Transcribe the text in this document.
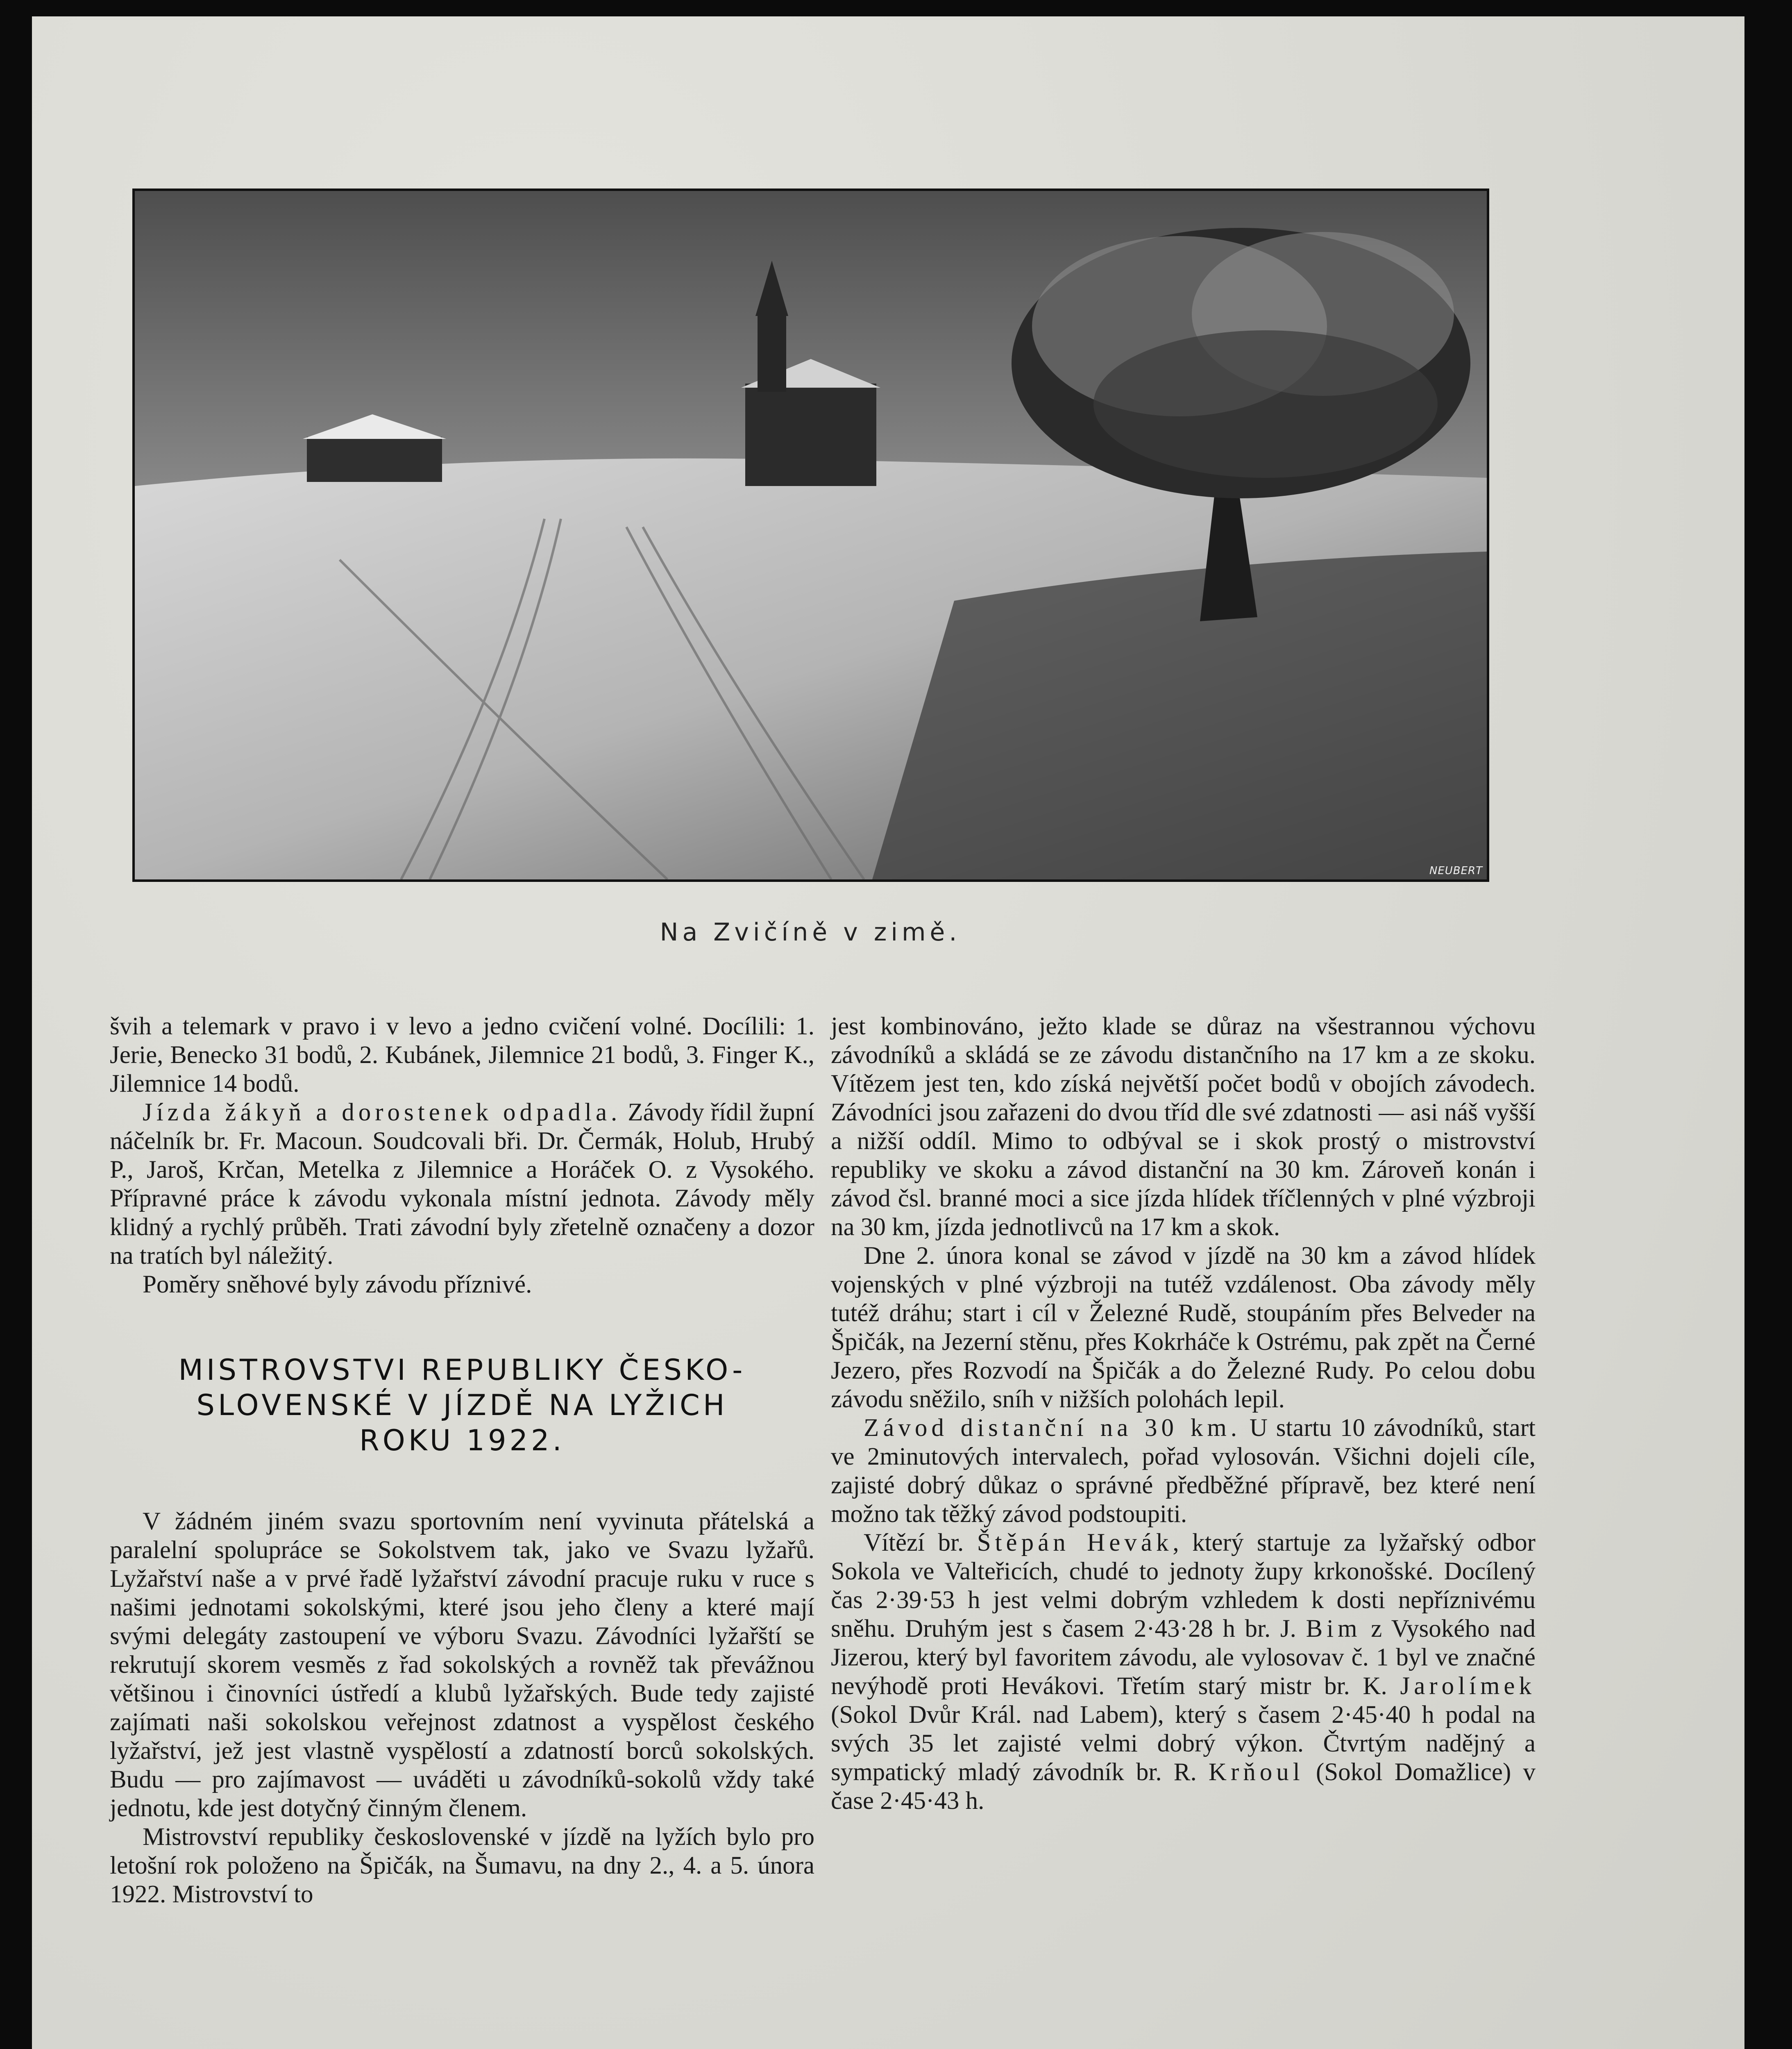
NEUBERT
Na Zvičíně v zimě.

švih a telemark v pravo i v levo a jedno cvičení volné. Docílili: 1. Jerie, Benecko 31 bodů, 2. Kubánek, Jilemnice 21 bodů, 3. Finger K., Jilemnice 14 bodů.

Jízda žákyň a dorostenek odpadla. Závody řídil župní náčelník br. Fr. Macoun. Soudcovali bři. Dr. Čermák, Holub, Hrubý P., Jaroš, Krčan, Metelka z Jilemnice a Horáček O. z Vysokého. Přípravné práce k závodu vykonala místní jednota. Závody měly klidný a rychlý průběh. Trati závodní byly zřetelně označeny a dozor na tratích byl náležitý.

Poměry sněhové byly závodu příznivé.

MISTROVSTVI REPUBLIKY ČESKO-
SLOVENSKÉ V JÍZDĚ NA LYŽICH
ROKU 1922.

V žádném jiném svazu sportovním není vyvinuta přátelská a paralelní spolupráce se Sokolstvem tak, jako ve Svazu lyžařů. Lyžařství naše a v prvé řadě lyžařství závodní pracuje ruku v ruce s našimi jednotami sokolskými, které jsou jeho členy a které mají svými delegáty zastoupení ve výboru Svazu. Závodníci lyžařští se rekrutují skorem vesměs z řad sokolských a rovněž tak převážnou většinou i činovníci ústředí a klubů lyžařských. Bude tedy zajisté zajímati naši sokolskou veřejnost zdatnost a vyspělost českého lyžařství, jež jest vlastně vyspělostí a zdatností borců sokolských. Budu — pro zajímavost — uváděti u závodníků-sokolů vždy také jednotu, kde jest dotyčný činným členem.

Mistrovství republiky československé v jízdě na lyžích bylo pro letošní rok položeno na Špičák, na Šumavu, na dny 2., 4. a 5. února 1922. Mistrovství to

jest kombinováno, ježto klade se důraz na všestrannou výchovu závodníků a skládá se ze závodu distančního na 17 km a ze skoku. Vítězem jest ten, kdo získá největší počet bodů v obojích závodech. Závodníci jsou zařazeni do dvou tříd dle své zdatnosti — asi náš vyšší a nižší oddíl. Mimo to odbýval se i skok prostý o mistrovství republiky ve skoku a závod distanční na 30 km. Zároveň konán i závod čsl. branné moci a sice jízda hlídek tříčlenných v plné výzbroji na 30 km, jízda jednotlivců na 17 km a skok.

Dne 2. února konal se závod v jízdě na 30 km a závod hlídek vojenských v plné výzbroji na tutéž vzdálenost. Oba závody měly tutéž dráhu; start i cíl v Železné Rudě, stoupáním přes Belveder na Špičák, na Jezerní stěnu, přes Kokrháče k Ostrému, pak zpět na Černé Jezero, přes Rozvodí na Špičák a do Železné Rudy. Po celou dobu závodu sněžilo, sníh v nižších polohách lepil.

Závod distanční na 30 km. U startu 10 závodníků, start ve 2minutových intervalech, pořad vylosován. Všichni dojeli cíle, zajisté dobrý důkaz o správné předběžné přípravě, bez které není možno tak těžký závod podstoupiti.

Vítězí br. Štěpán Hevák, který startuje za lyžařský odbor Sokola ve Valteřicích, chudé to jednoty župy krkonošské. Docílený čas 2·39·53 h jest velmi dobrým vzhledem k dosti nepříznivému sněhu. Druhým jest s časem 2·43·28 h br. J. Bim z Vysokého nad Jizerou, který byl favoritem závodu, ale vylosovav č. 1 byl ve značné nevýhodě proti Hevákovi. Třetím starý mistr br. K. Jarolímek (Sokol Dvůr Král. nad Labem), který s časem 2·45·40 h podal na svých 35 let zajisté velmi dobrý výkon. Čtvrtým nadějný a sympatický mladý závodník br. R. Krňoul (Sokol Domažlice) v čase 2·45·43 h.
